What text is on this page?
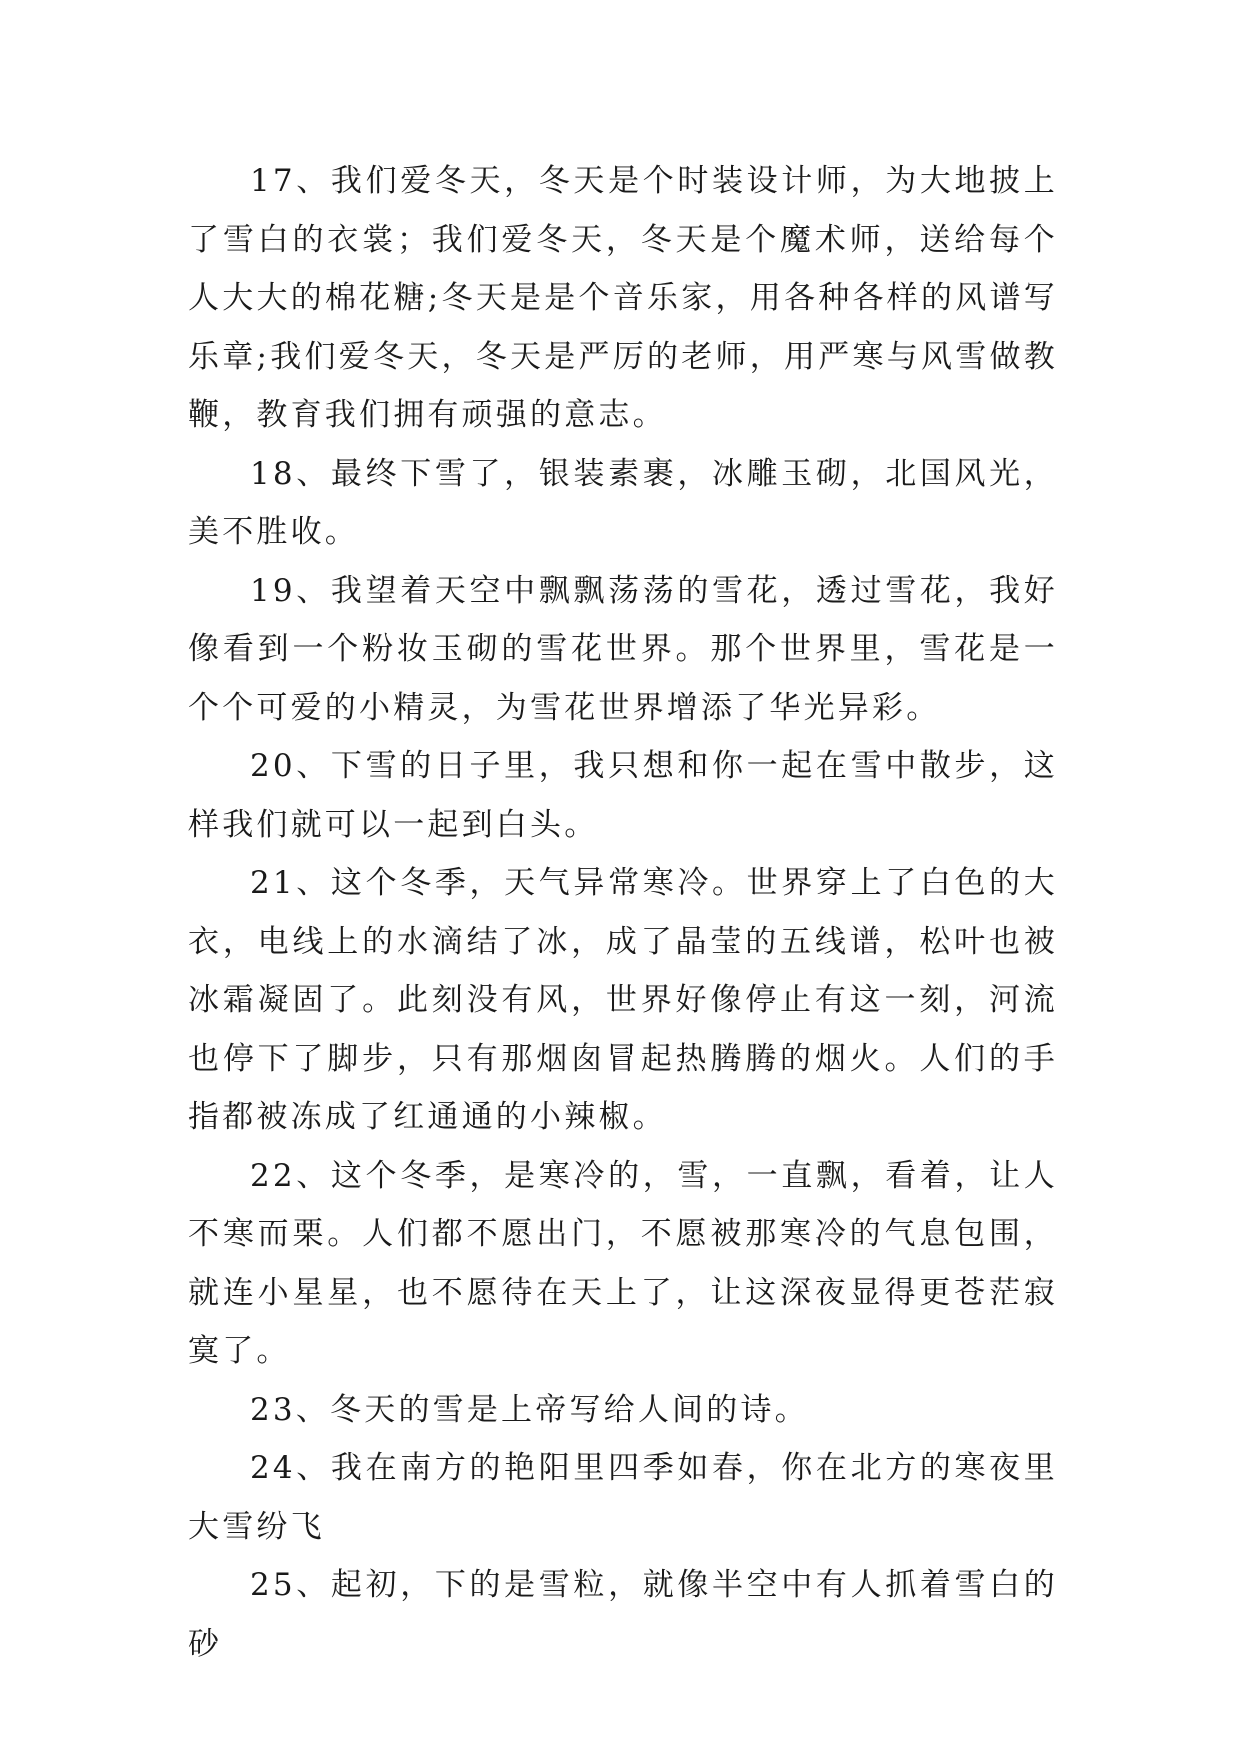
17、我们爱冬天，冬天是个时装设计师，为大地披上了雪白的衣裳；我们爱冬天，冬天是个魔术师，送给每个人大大的棉花糖;冬天是是个音乐家，用各种各样的风谱写乐章;我们爱冬天，冬天是严厉的老师，用严寒与风雪做教鞭，教育我们拥有顽强的意志。

18、最终下雪了，银装素裹，冰雕玉砌，北国风光，美不胜收。

19、我望着天空中飘飘荡荡的雪花，透过雪花，我好像看到一个粉妆玉砌的雪花世界。那个世界里，雪花是一个个可爱的小精灵，为雪花世界增添了华光异彩。

20、下雪的日子里，我只想和你一起在雪中散步，这样我们就可以一起到白头。

21、这个冬季，天气异常寒冷。世界穿上了白色的大衣，电线上的水滴结了冰，成了晶莹的五线谱，松叶也被冰霜凝固了。此刻没有风，世界好像停止有这一刻，河流也停下了脚步，只有那烟囱冒起热腾腾的烟火。人们的手指都被冻成了红通通的小辣椒。

22、这个冬季，是寒冷的，雪，一直飘，看着，让人不寒而栗。人们都不愿出门，不愿被那寒冷的气息包围，就连小星星，也不愿待在天上了，让这深夜显得更苍茫寂寞了。

23、冬天的雪是上帝写给人间的诗。

24、我在南方的艳阳里四季如春，你在北方的寒夜里大雪纷飞

25、起初，下的是雪粒，就像半空中有人抓着雪白的砂
